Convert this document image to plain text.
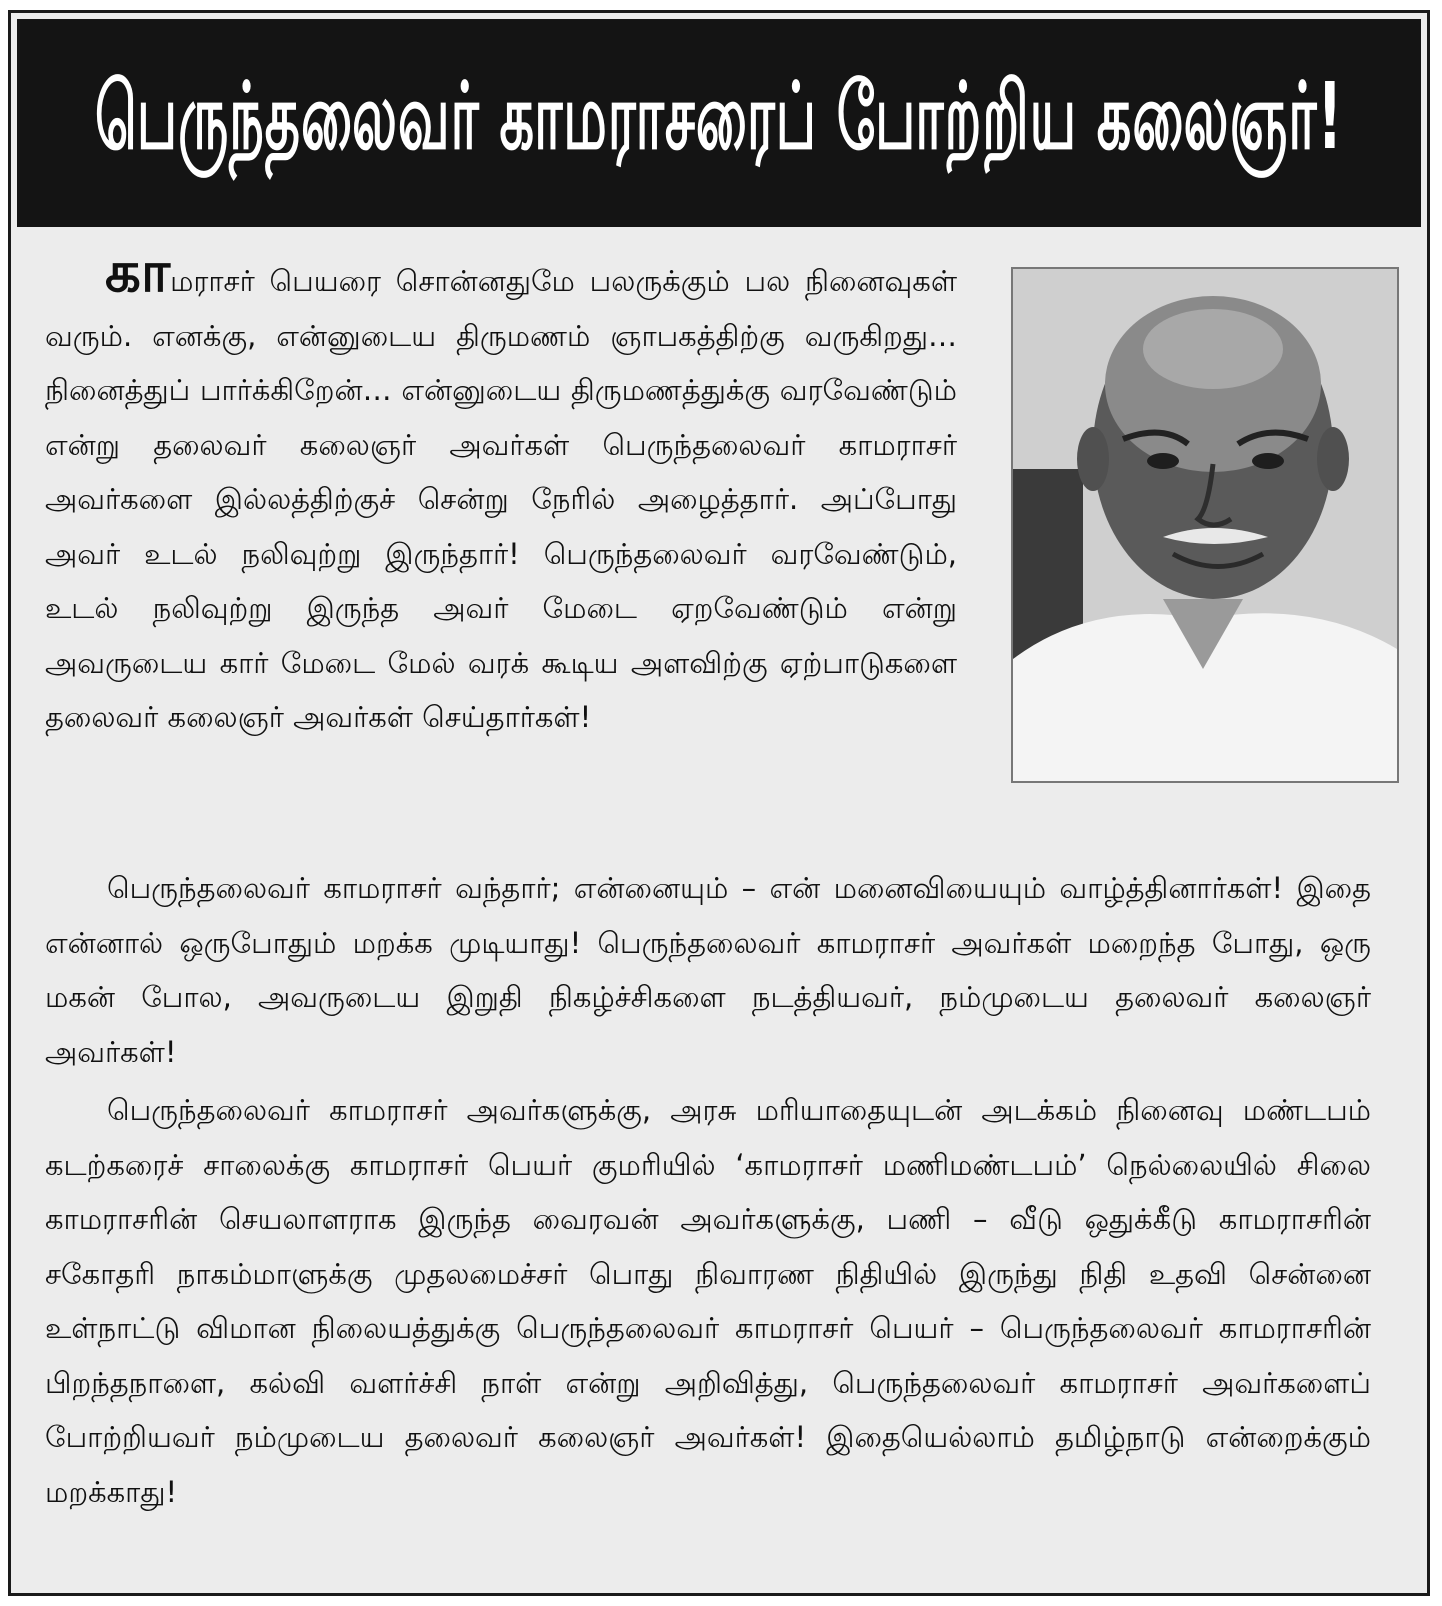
பெருந்தலைவர் காமராசரைப் போற்றிய கலைஞர்!

காமராசர் பெயரை சொன்னதுமே பலருக்கும் பல நினைவுகள் வரும். எனக்கு, என்னுடைய திருமணம் ஞாபகத்திற்கு வருகிறது… நினைத்துப் பார்க்கிறேன்… என்னுடைய திருமணத்துக்கு வரவேண்டும் என்று தலைவர் கலைஞர் அவர்கள் பெருந்தலைவர் காமராசர் அவர்களை இல்லத்திற்குச் சென்று நேரில் அழைத்தார். அப்போது அவர் உடல் நலிவுற்று இருந்தார்! பெருந்தலைவர் வரவேண்டும், உடல் நலிவுற்று இருந்த அவர் மேடை ஏறவேண்டும் என்று அவருடைய கார் மேடை மேல் வரக் கூடிய அளவிற்கு ஏற்பாடுகளை தலைவர் கலைஞர் அவர்கள் செய்தார்கள்!

பெருந்தலைவர் காமராசர் வந்தார்; என்னையும் – என் மனைவியையும் வாழ்த்தினார்கள்! இதை என்னால் ஒருபோதும் மறக்க முடியாது! பெருந்தலைவர் காமராசர் அவர்கள் மறைந்த போது, ஒரு மகன் போல, அவருடைய இறுதி நிகழ்ச்சிகளை நடத்தியவர், நம்முடைய தலைவர் கலைஞர் அவர்கள்!

பெருந்தலைவர் காமராசர் அவர்களுக்கு, அரசு மரியாதையுடன் அடக்கம் நினைவு மண்டபம் கடற்கரைச் சாலைக்கு காமராசர் பெயர் குமரியில் ‘காமராசர் மணிமண்டபம்’ நெல்லையில் சிலை காமராசரின் செயலாளராக இருந்த வைரவன் அவர்களுக்கு, பணி – வீடு ஒதுக்கீடு காமராசரின் சகோதரி நாகம்மாளுக்கு முதலமைச்சர் பொது நிவாரண நிதியில் இருந்து நிதி உதவி சென்னை உள்நாட்டு விமான நிலையத்துக்கு பெருந்தலைவர் காமராசர் பெயர் – பெருந்தலைவர் காமராசரின் பிறந்தநாளை, கல்வி வளர்ச்சி நாள் என்று அறிவித்து, பெருந்தலைவர் காமராசர் அவர்களைப் போற்றியவர் நம்முடைய தலைவர் கலைஞர் அவர்கள்! இதையெல்லாம் தமிழ்நாடு என்றைக்கும் மறக்காது!
